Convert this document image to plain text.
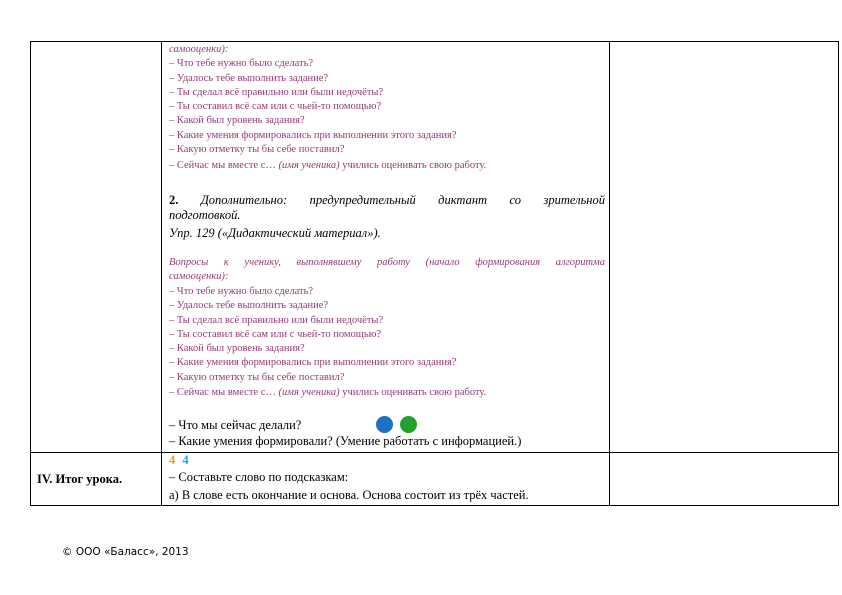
самооценки):
– Что тебе нужно было сделать?
– Удалось тебе выполнить задание?
– Ты сделал всё правильно или были недочёты?
– Ты составил всё сам или с чьей-то помощью?
– Какой был уровень задания?
– Какие умения формировались при выполнении этого задания?
– Какую отметку ты бы себе поставил?
– Сейчас мы вместе с… (имя ученика) учились оценивать свою работу.
2. Дополнительно: предупредительный диктант со зрительной
подготовкой.
Упр. 129 («Дидактический материал»).
Вопросы к ученику, выполнявшему работу (начало формирования алгоритма
самооценки):
– Что тебе нужно было сделать?
– Удалось тебе выполнить задание?
– Ты сделал всё правильно или были недочёты?
– Ты составил всё сам или с чьей-то помощью?
– Какой был уровень задания?
– Какие умения формировались при выполнении этого задания?
– Какую отметку ты бы себе поставил?
– Сейчас мы вместе с… (имя ученика) учились оценивать свою работу.
– Что мы сейчас делали?
– Какие умения формировали? (Умение работать с информацией.)
IV. Итог урока.
4 4
– Составьте слово по подсказкам:
а) В слове есть окончание и основа. Основа состоит из трёх частей.
© ООО «Баласс», 2013
